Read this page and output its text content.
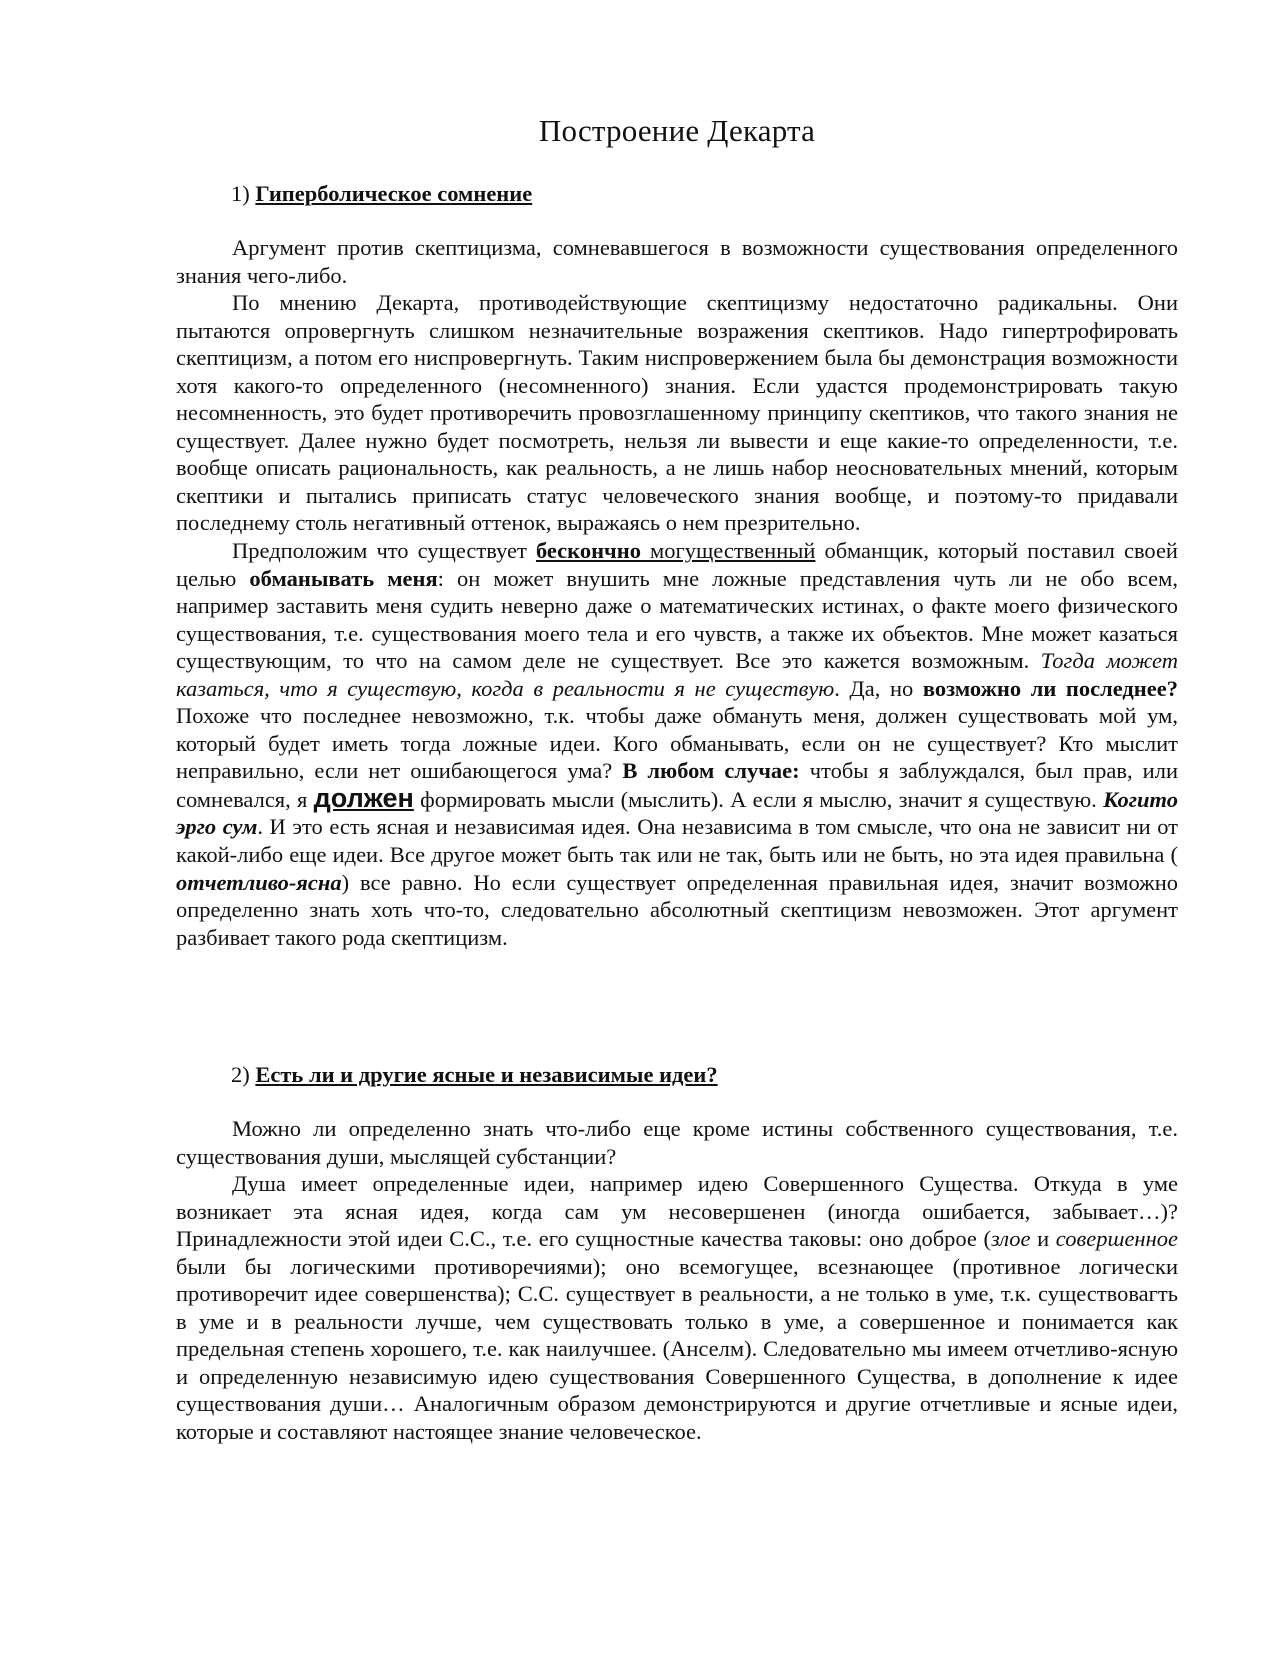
Построение Декарта
1) Гиперболическое сомнение

Аргумент против скептицизма, сомневавшегося в возможности существования определенного знания чего-либо.

По мнению Декарта, противодействующие скептицизму недостаточно радикальны. Они пытаются опровергнуть слишком незначительные возражения скептиков. Надо гипертрофировать скептицизм, а потом его ниспровергнуть. Таким ниспровержением была бы демонстрация возможности хотя какого-то определенного (несомненного) знания. Если удастся продемонстрировать такую несомненность, это будет противоречить провозглашенному принципу скептиков, что такого знания не существует. Далее нужно будет посмотреть, нельзя ли вывести и еще какие-то определенности, т.е. вообще описать рациональность, как реальность, а не лишь набор неосновательных мнений, которым скептики и пытались приписать статус человеческого знания вообще, и поэтому-то придавали последнему столь негативный оттенок, выражаясь о нем презрительно.

Предположим что существует бескончно могущественный обманщик, который поставил своей целью обманывать меня: он может внушить мне ложные представления чуть ли не обо всем, например заставить меня судить неверно даже о математических истинах, о факте моего физического существования, т.е. существования моего тела и его чувств, а также их объектов. Мне может казаться существующим, то что на самом деле не существует. Все это кажется возможным. Тогда может казаться, что я существую, когда в реальности я не существую. Да, но возможно ли последнее? Похоже что последнее невозможно, т.к. чтобы даже обмануть меня, должен существовать мой ум, который будет иметь тогда ложные идеи. Кого обманывать, если он не существует? Кто мыслит неправильно, если нет ошибающегося ума? В любом случае: чтобы я заблуждался, был прав, или сомневался, я должен формировать мысли (мыслить). А если я мыслю, значит я существую. Когито эрго сум. И это есть ясная и независимая идея. Она независима в том смысле, что она не зависит ни от какой-либо еще идеи. Все другое может быть так или не так, быть или не быть, но эта идея правильна ( отчетливо-ясна) все равно. Но если существует определенная правильная идея, значит возможно определенно знать хоть что-то, следовательно абсолютный скептицизм невозможен. Этот аргумент разбивает такого рода скептицизм.

2) Есть ли и другие ясные и независимые идеи?

Можно ли определенно знать что-либо еще кроме истины собственного существования, т.е. существования души, мыслящей субстанции?

Душа имеет определенные идеи, например идею Совершенного Существа. Откуда в уме возникает эта ясная идея, когда сам ум несовершенен (иногда ошибается, забывает…)? Принадлежности этой идеи С.С., т.е. его сущностные качества таковы: оно доброе (злое и совершенное были бы логическими противоречиями); оно всемогущее, всезнающее (противное логически противоречит идее совершенства); С.С. существует в реальности, а не только в уме, т.к. существовагть в уме и в реальности лучше, чем существовать только в уме, а совершенное и понимается как предельная степень хорошего, т.е. как наилучшее. (Анселм). Следовательно мы имеем отчетливо-ясную и определенную независимую идею существования Совершенного Существа, в дополнение к идее существования души… Аналогичным образом демонстрируются и другие отчетливые и ясные идеи, которые и составляют настоящее знание человеческое.
